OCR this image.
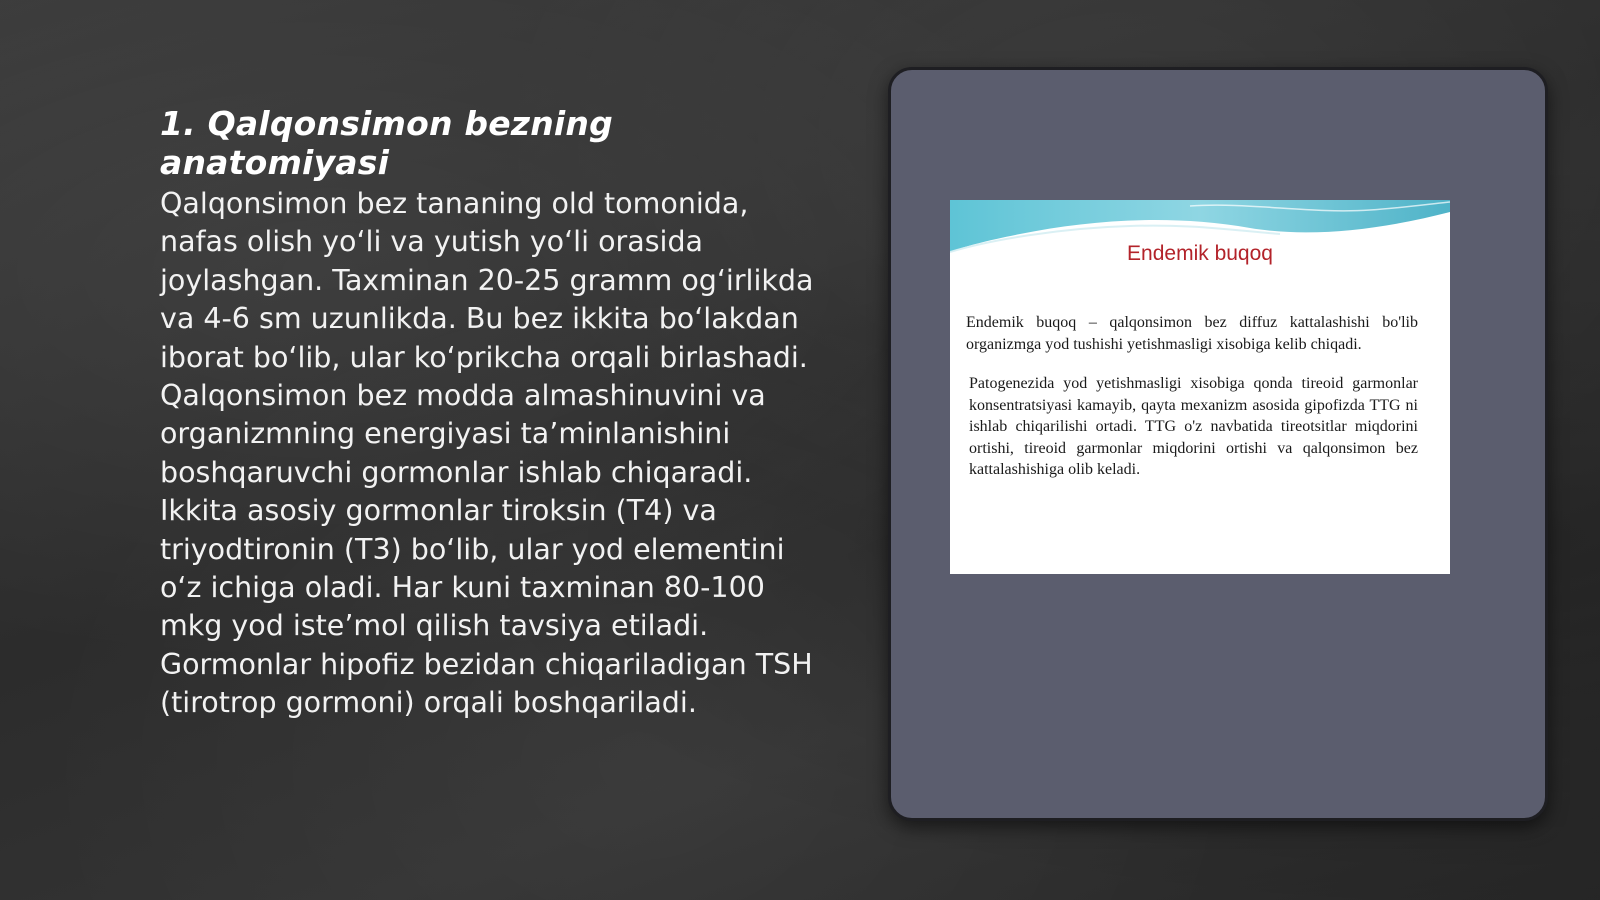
1. Qalqonsimon bezning anatomiyasi

Qalqonsimon bez tananing old tomonida, nafas olish yo‘li va yutish yo‘li orasida joylashgan. Taxminan 20-25 gramm og‘irlikda va 4-6 sm uzunlikda. Bu bez ikkita bo‘lakdan iborat bo‘lib, ular ko‘prikcha orqali birlashadi. Qalqonsimon bez modda almashinuvini va organizmning energiyasi ta’minlanishini boshqaruvchi gormonlar ishlab chiqaradi. Ikkita asosiy gormonlar tiroksin (T4) va triyodtironin (T3) bo‘lib, ular yod elementini o‘z ichiga oladi. Har kuni taxminan 80-100 mkg yod iste’mol qilish tavsiya etiladi. Gormonlar hipofiz bezidan chiqariladigan TSH (tirotrop gormoni) orqali boshqariladi.

Endemik buqoq

Endemik buqoq – qalqonsimon bez diffuz kattalashishi bo'lib organizmga yod tushishi yetishmasligi xisobiga kelib chiqadi.

Patogenezida yod yetishmasligi xisobiga qonda tireoid garmonlar konsentratsiyasi kamayib, qayta mexanizm asosida gipofizda TTG ni ishlab chiqarilishi ortadi. TTG o'z navbatida tireotsitlar miqdorini ortishi, tireoid garmonlar miqdorini ortishi va qalqonsimon bez kattalashishiga olib keladi.
